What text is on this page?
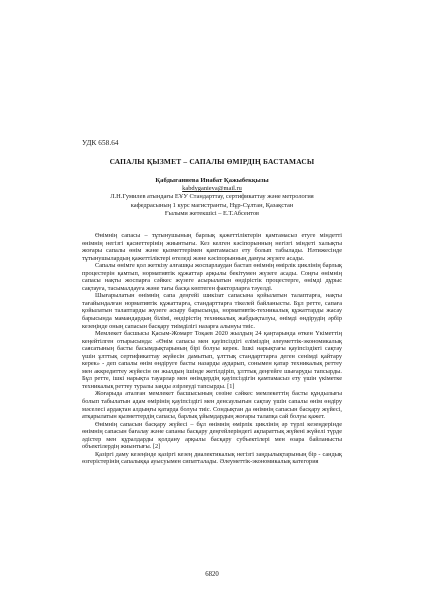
УДК 658.64
САПАЛЫ ҚЫЗМЕТ – САПАЛЫ ӨМІРДІҢ БАСТАМАСЫ
Қабдығаниева Инабат Қажыбекқызы
kabdyganieva@mail.ru
Л.Н.Гумилев атындағы ЕҰУ Стандарттау, сертификаттау және метрология
кафедрасының 1 курс магистранты, Нұр-Сұлтан, Қазақстан
Ғылыми жетекшісі – Е.Т.Абсеитов

Өнімнің сапасы – тұтынушының барлық қажеттіліктерін қамтамасыз етуге міндетті өнімнің негізгі қасиеттерінің жиынтығы. Кез келген кәсіпорынның негізгі міндеті халықты жоғары сапалы өнім және қызметтерімен қамтамасыз ету болып табылады. Нәтижесінде тұтынушылардың қажеттіліктері өтеледі және кәсіпорынның дамуы жүзеге асады.

Сапалы өнімге қол жеткізу алғашқы жоспарлаудан бастап өнімнің өмірлік циклінің барлық процестерін қамтып, нормативтік құжаттар арқылы бекітумен жүзеге асады. Соңғы өнімнің сапасы нақты жоспарға сәйкес жүзеге асырылатын өндірістік процестерге, өнімді дұрыс сақтауға, тасымалдауға және тағы басқа көптеген факторларға тәуелді.

Шығарылатын өнімнің сапа деңгейі шикізат сапасына қойылатын талаптарға, нақты тағайындалған нормативтік құжаттарға, стандарттарға тікелей байланысты. Бұл ретте, сапаға қойылатын талаптарды жүзеге асыру барысында, нормативтік-техникалық құжаттарды жасау барысында мамандардың білімі, өндірістің техникалық жабдықталуы, өнімді өндірудің әрбір кезеңінде оның сапасын басқару тиімділігі назарға алынуы тиіс.

Мемлекет басшысы Қасым-Жомарт Тоқаев 2020 жылдың 24 қаңтарында өткен Үкіметтің кеңейтілген отырысында: «Өнім сапасы мен қауіпсіздігі еліміздің әлеуметтік-экономикалық саясатының басты басымдықтарының бірі болуы керек. Ішкі нарықтағы қауіпсіздікті сақтау үшін ұлттық сертификаттау жүйесін дамытып, ұлттық стандарттарға деген сенімді қайтару керек» - деп сапалы өнім өндіруге басты назарды аударып, сонымен қатар техникалық реттеу мен аккредиттеу жүйесін он жылдың ішінде жетілдіріп, ұлттық деңгейге шығаруды тапсырды. Бұл ретте, ішкі нарықта тауарлар мен өнімдердің қауіпсіздігін қамтамасыз ету үшін үкіметке техникалық реттеу туралы заңды әзірлеуді тапсырды. [1]

Жоғарыда аталған мемлекет басшысының сөзіне сәйкес мемлекеттің басты құндылығы болып табылатын адам өмірінің қауіпсіздігі мен денсаулығын сақтау үшін сапалы өнім өндіру мәселесі ардақтан алдыңғы қатарда болуы тиіс. Сондықтан да өнімнің сапасын басқару жүйесі, атқарылатын қызметтердің сапасы, барлық ұйымдардың жоғары талапқа сай болуы қажет.

Өнімнің сапасын басқару жүйесі – бұл өнімнің өмірлік циклінің әр түрлі кезеңдерінде өнімнің сапасын бағалау және сапаны басқару деңгейлеріндегі ақпараттық жүйені жүйелі түрде әдістер мен құралдарды қолдану арқылы басқару субъектілері мен өзара байланысты объектілердің жиынтығы. [2]

Қазіргі даму кезеңінде қазіргі кезең диалектикалық негізгі заңдылықтарының бір - сандық өзгерістерінің сапалыққа ауысуымен сипатталады. Әлеуметтік-экономикалық категория

6820
